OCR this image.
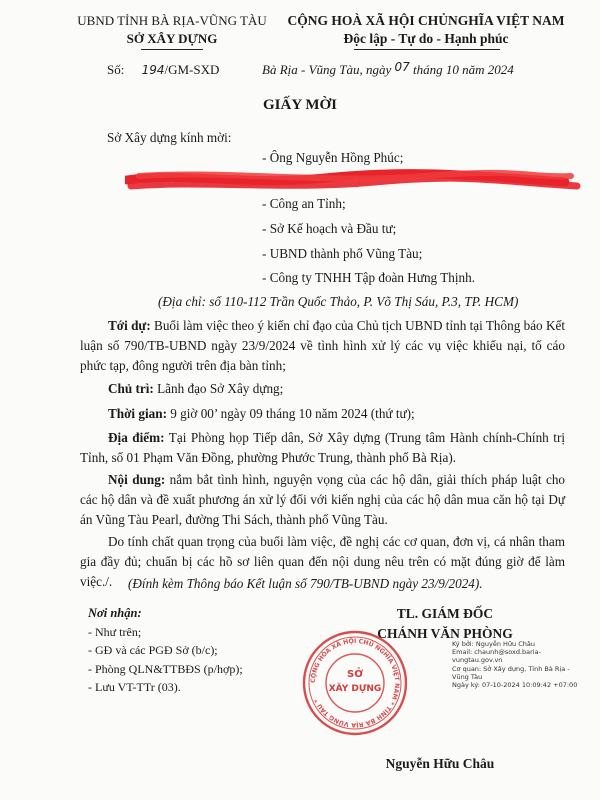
UBND TỈNH BÀ RỊA-VŨNG TÀU
SỞ XÂY DỰNG
CỘNG HOÀ XÃ HỘI CHỦNGHĨA VIỆT NAM
Độc lập - Tự do - Hạnh phúc
Số: 194/GM-SXD	Bà Rịa - Vũng Tàu, ngày 07 tháng 10 năm 2024
GIẤY MỜI
Sở Xây dựng kính mời:
- Ông Nguyễn Hồng Phúc;
(Địa chỉ: số ...................................................)
- Công an Tỉnh;
- Sở Kế hoạch và Đầu tư;
- UBND thành phố Vũng Tàu;
- Công ty TNHH Tập đoàn Hưng Thịnh.
(Địa chỉ: số 110-112 Trần Quốc Thảo, P. Võ Thị Sáu, P.3, TP. HCM)
Tới dự: Buổi làm việc theo ý kiến chỉ đạo của Chủ tịch UBND tỉnh tại Thông báo Kết luận số 790/TB-UBND ngày 23/9/2024 về tình hình xử lý các vụ việc khiếu nại, tố cáo phức tạp, đông người trên địa bàn tỉnh;
Chủ trì: Lãnh đạo Sở Xây dựng;
Thời gian: 9 giờ 00’ ngày 09 tháng 10 năm 2024 (thứ tư);
Địa điểm: Tại Phòng họp Tiếp dân, Sở Xây dựng (Trung tâm Hành chính-Chính trị Tỉnh, số 01 Phạm Văn Đồng, phường Phước Trung, thành phố Bà Rịa).
Nội dung: nắm bắt tình hình, nguyện vọng của các hộ dân, giải thích pháp luật cho các hộ dân và đề xuất phương án xử lý đối với kiến nghị của các hộ dân mua căn hộ tại Dự án Vũng Tàu Pearl, đường Thi Sách, thành phố Vũng Tàu.
Do tính chất quan trọng của buổi làm việc, đề nghị các cơ quan, đơn vị, cá nhân tham gia đầy đủ; chuẩn bị các hồ sơ liên quan đến nội dung nêu trên có mặt đúng giờ để làm việc./.	(Đính kèm Thông báo Kết luận số 790/TB-UBND ngày 23/9/2024).
Nơi nhận:
- Như trên;
- GĐ và các PGĐ Sở (b/c);
- Phòng QLN&TTBĐS (p/hợp);
- Lưu VT-TTr (03).
TL. GIÁM ĐỐC
CHÁNH VĂN PHÒNG
CỘNG HÒA XÃ HỘI CHỦ NGHĨA VIỆT NAM * TỈNH BÀ RỊA VŨNG TÀU *
SỞ
XÂY DỰNG
Ký bởi: Nguyễn Hữu Châu
Email: chaunh@soxd.baria-vungtau.gov.vn
Cơ quan: Sở Xây dựng, Tỉnh Bà Rịa - Vũng Tàu
Ngày ký: 07-10-2024 10:09:42 +07:00
Nguyễn Hữu Châu
